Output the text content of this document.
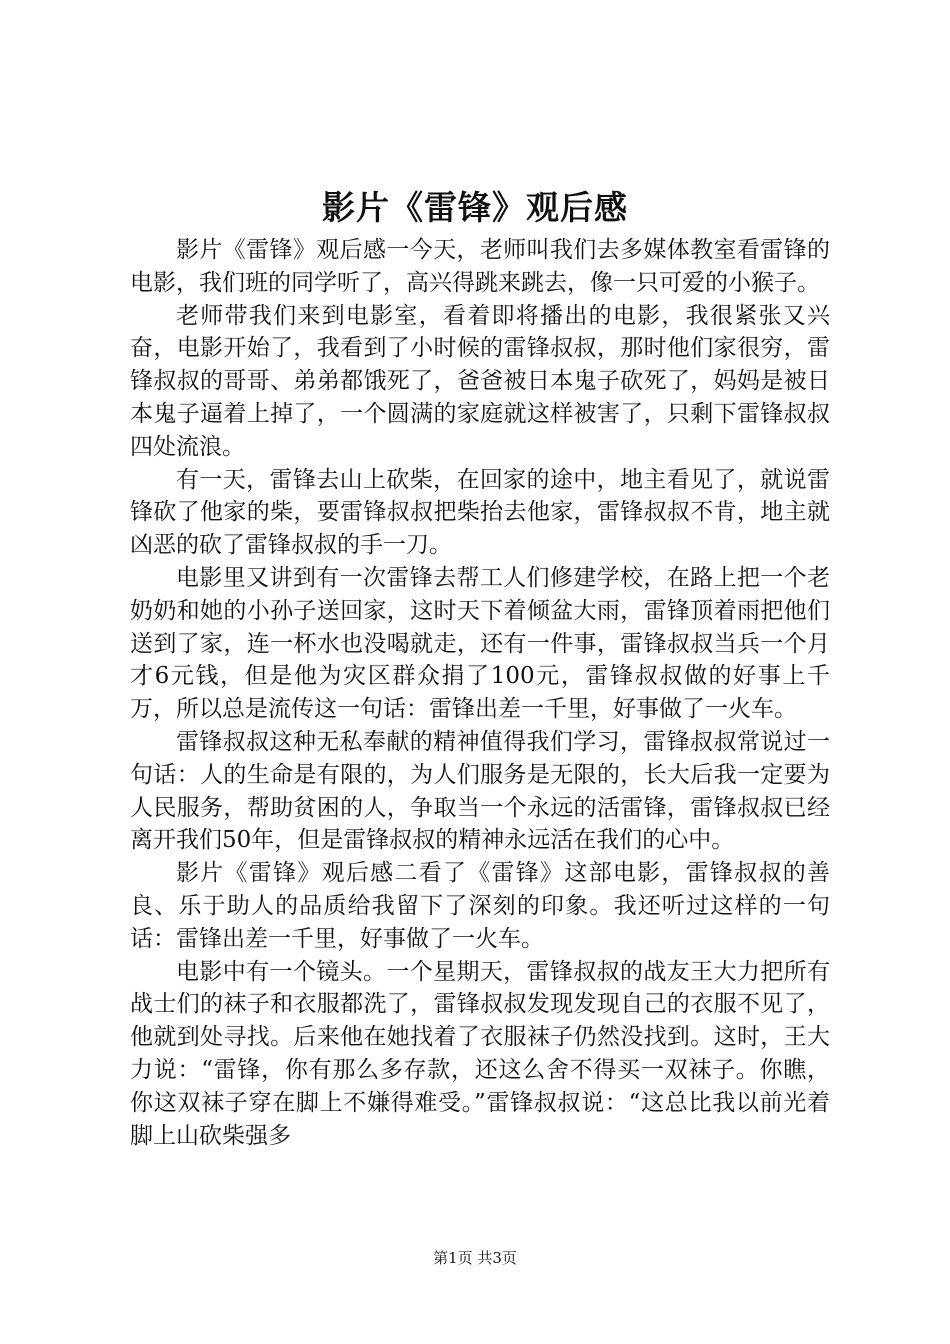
影片《雷锋》观后感

影片《雷锋》观后感一今天，老师叫我们去多媒体教室看雷锋的电影，我们班的同学听了，高兴得跳来跳去，像一只可爱的小猴子。

老师带我们来到电影室，看着即将播出的电影，我很紧张又兴奋，电影开始了，我看到了小时候的雷锋叔叔，那时他们家很穷，雷锋叔叔的哥哥、弟弟都饿死了，爸爸被日本鬼子砍死了，妈妈是被日本鬼子逼着上掉了，一个圆满的家庭就这样被害了，只剩下雷锋叔叔四处流浪。

有一天，雷锋去山上砍柴，在回家的途中，地主看见了，就说雷锋砍了他家的柴，要雷锋叔叔把柴抬去他家，雷锋叔叔不肯，地主就凶恶的砍了雷锋叔叔的手一刀。

电影里又讲到有一次雷锋去帮工人们修建学校，在路上把一个老奶奶和她的小孙子送回家，这时天下着倾盆大雨，雷锋顶着雨把他们送到了家，连一杯水也没喝就走，还有一件事，雷锋叔叔当兵一个月才6元钱，但是他为灾区群众捐了100元，雷锋叔叔做的好事上千万，所以总是流传这一句话：雷锋出差一千里，好事做了一火车。

雷锋叔叔这种无私奉献的精神值得我们学习，雷锋叔叔常说过一句话：人的生命是有限的，为人们服务是无限的，长大后我一定要为人民服务，帮助贫困的人，争取当一个永远的活雷锋，雷锋叔叔已经离开我们50年，但是雷锋叔叔的精神永远活在我们的心中。

影片《雷锋》观后感二看了《雷锋》这部电影，雷锋叔叔的善良、乐于助人的品质给我留下了深刻的印象。我还听过这样的一句话：雷锋出差一千里，好事做了一火车。

电影中有一个镜头。一个星期天，雷锋叔叔的战友王大力把所有战士们的袜子和衣服都洗了，雷锋叔叔发现发现自己的衣服不见了，他就到处寻找。后来他在她找着了衣服袜子仍然没找到。这时，王大力说：“雷锋，你有那么多存款，还这么舍不得买一双袜子。你瞧，你这双袜子穿在脚上不嫌得难受。”雷锋叔叔说：“这总比我以前光着脚上山砍柴强多

第1页 共3页
